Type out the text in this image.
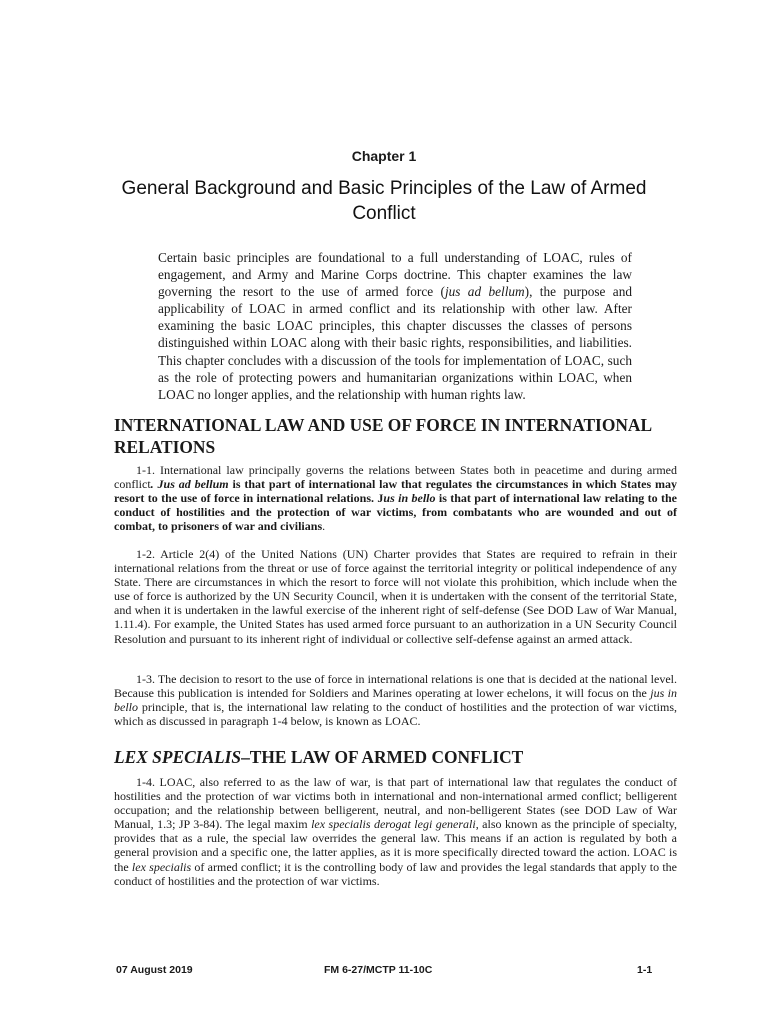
Chapter 1
General Background and Basic Principles of the Law of Armed Conflict

Certain basic principles are foundational to a full understanding of LOAC, rules of engagement, and Army and Marine Corps doctrine. This chapter examines the law governing the resort to the use of armed force (jus ad bellum), the purpose and applicability of LOAC in armed conflict and its relationship with other law. After examining the basic LOAC principles, this chapter discusses the classes of persons distinguished within LOAC along with their basic rights, responsibilities, and liabilities. This chapter concludes with a discussion of the tools for implementation of LOAC, such as the role of protecting powers and humanitarian organizations within LOAC, when LOAC no longer applies, and the relationship with human rights law.

INTERNATIONAL LAW AND USE OF FORCE IN INTERNATIONAL RELATIONS

1-1. International law principally governs the relations between States both in peacetime and during armed conflict. Jus ad bellum is that part of international law that regulates the circumstances in which States may resort to the use of force in international relations. Jus in bello is that part of international law relating to the conduct of hostilities and the protection of war victims, from combatants who are wounded and out of combat, to prisoners of war and civilians.

1-2. Article 2(4) of the United Nations (UN) Charter provides that States are required to refrain in their international relations from the threat or use of force against the territorial integrity or political independence of any State. There are circumstances in which the resort to force will not violate this prohibition, which include when the use of force is authorized by the UN Security Council, when it is undertaken with the consent of the territorial State, and when it is undertaken in the lawful exercise of the inherent right of self-defense (See DOD Law of War Manual, 1.11.4). For example, the United States has used armed force pursuant to an authorization in a UN Security Council Resolution and pursuant to its inherent right of individual or collective self-defense against an armed attack.

1-3. The decision to resort to the use of force in international relations is one that is decided at the national level. Because this publication is intended for Soldiers and Marines operating at lower echelons, it will focus on the jus in bello principle, that is, the international law relating to the conduct of hostilities and the protection of war victims, which as discussed in paragraph 1-4 below, is known as LOAC.

LEX SPECIALIS–THE LAW OF ARMED CONFLICT

1-4. LOAC, also referred to as the law of war, is that part of international law that regulates the conduct of hostilities and the protection of war victims both in international and non-international armed conflict; belligerent occupation; and the relationship between belligerent, neutral, and non-belligerent States (see DOD Law of War Manual, 1.3; JP 3-84). The legal maxim lex specialis derogat legi generali, also known as the principle of specialty, provides that as a rule, the special law overrides the general law. This means if an action is regulated by both a general provision and a specific one, the latter applies, as it is more specifically directed toward the action. LOAC is the lex specialis of armed conflict; it is the controlling body of law and provides the legal standards that apply to the conduct of hostilities and the protection of war victims.

07 August 2019	FM 6-27/MCTP 11-10C	1-1
